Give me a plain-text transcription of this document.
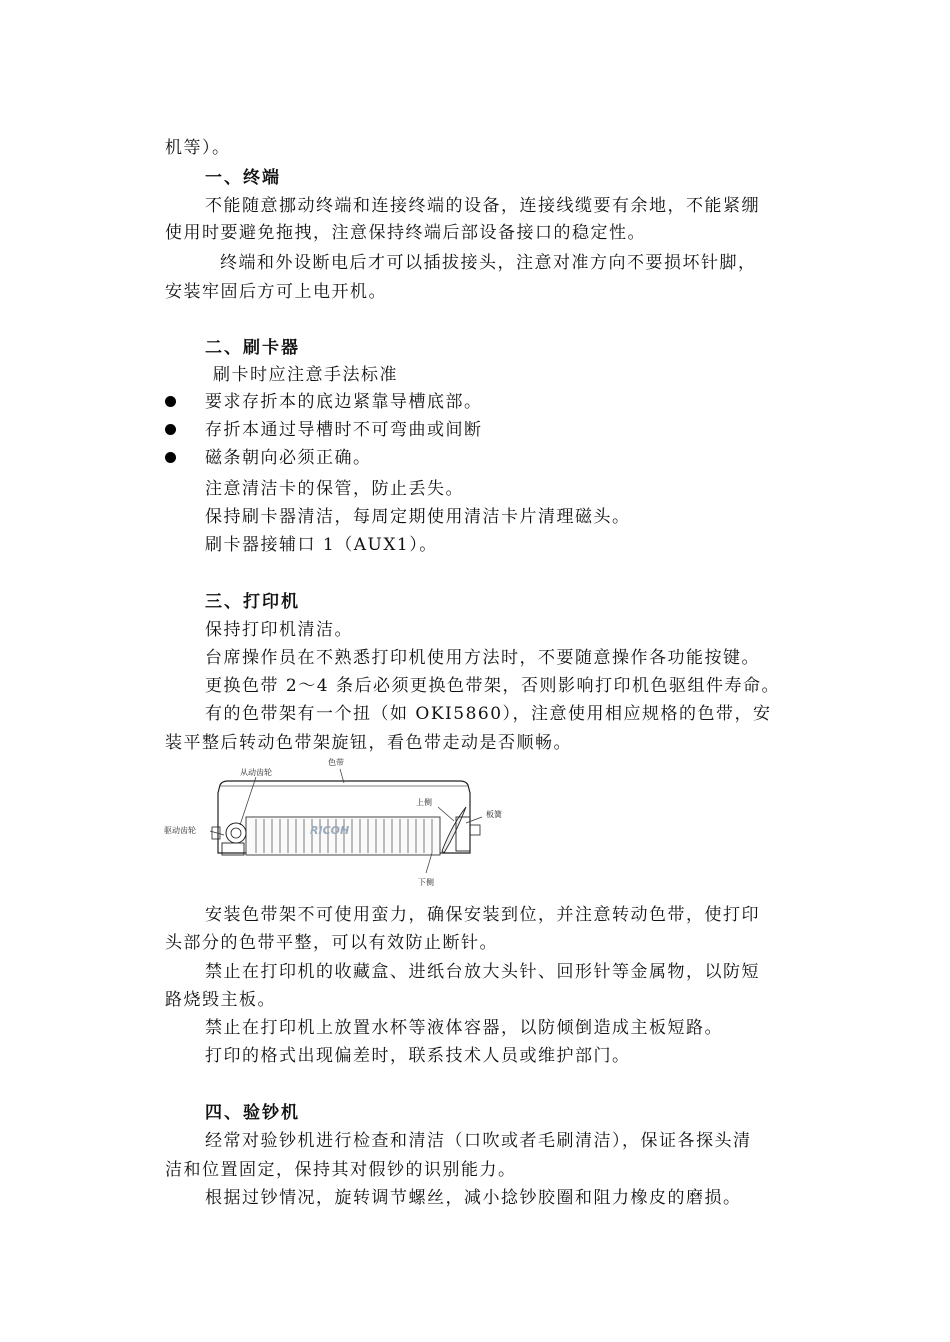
机等）。
一、终端
不能随意挪动终端和连接终端的设备，连接线缆要有余地，不能紧绷
使用时要避免拖拽，注意保持终端后部设备接口的稳定性。
终端和外设断电后才可以插拔接头，注意对准方向不要损坏针脚，
安装牢固后方可上电开机。
二、刷卡器
刷卡时应注意手法标准
要求存折本的底边紧靠导槽底部。
存折本通过导槽时不可弯曲或间断
磁条朝向必须正确。
注意清洁卡的保管，防止丢失。
保持刷卡器清洁，每周定期使用清洁卡片清理磁头。
刷卡器接辅口 1（AUX1）。
三、打印机
保持打印机清洁。
台席操作员在不熟悉打印机使用方法时，不要随意操作各功能按键。
更换色带 2～4 条后必须更换色带架，否则影响打印机色驱组件寿命。
有的色带架有一个扭（如 OKI5860），注意使用相应规格的色带，安
装平整后转动色带架旋钮，看色带走动是否顺畅。
RICOH
色带
从动齿轮
驱动齿轮
上侧
板簧
下侧
安装色带架不可使用蛮力，确保安装到位，并注意转动色带，使打印
头部分的色带平整，可以有效防止断针。
禁止在打印机的收藏盒、进纸台放大头针、回形针等金属物，以防短
路烧毁主板。
禁止在打印机上放置水杯等液体容器，以防倾倒造成主板短路。
打印的格式出现偏差时，联系技术人员或维护部门。
四、验钞机
经常对验钞机进行检查和清洁（口吹或者毛刷清洁），保证各探头清
洁和位置固定，保持其对假钞的识别能力。
根据过钞情况，旋转调节螺丝，减小捻钞胶圈和阻力橡皮的磨损。
